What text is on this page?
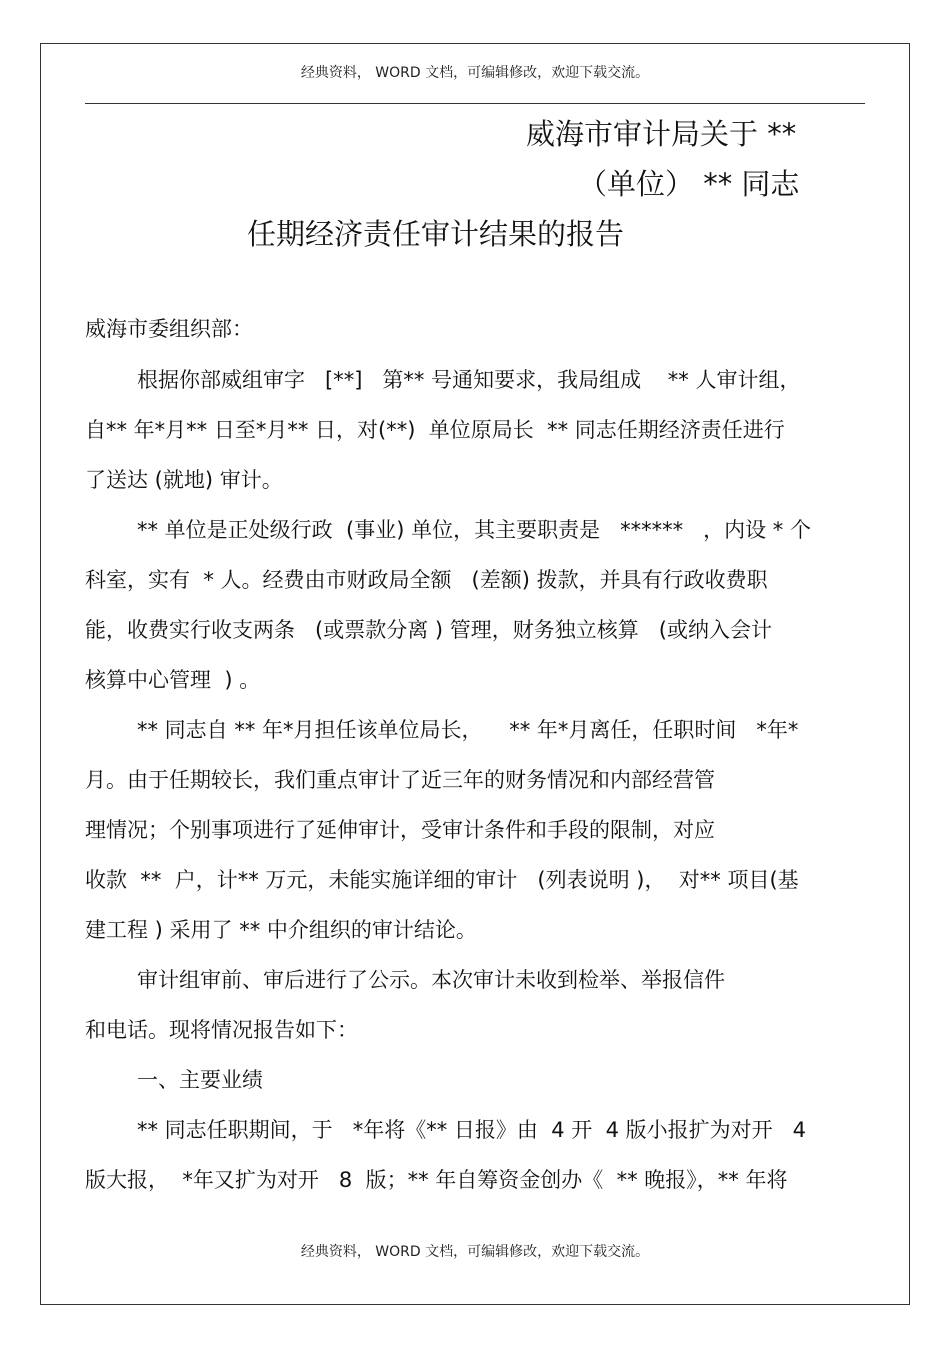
经典资料， WORD 文档，可编辑修改，欢迎下载交流。
威海市审计局关于 **
（单位） ** 同志
任期经济责任审计结果的报告
威海市委组织部：
根据你部威组审字   [**]   第** 号通知要求，我局组成    ** 人审计组，
自** 年*月** 日至*月** 日，对(**)  单位原局长  ** 同志任期经济责任进行
了送达 (就地) 审计。
** 单位是正处级行政  (事业) 单位，其主要职责是   ******   ，内设 * 个
科室，实有  * 人。经费由市财政局全额   (差额) 拨款，并具有行政收费职
能，收费实行收支两条   (或票款分离 ) 管理，财务独立核算   (或纳入会计
核算中心管理  ) 。
** 同志自 ** 年*月担任该单位局长，    ** 年*月离任，任职时间   *年*
月。由于任期较长，我们重点审计了近三年的财务情况和内部经营管
理情况；个别事项进行了延伸审计，受审计条件和手段的限制，对应
收款  **  户，计** 万元，未能实施详细的审计   (列表说明 )，  对** 项目(基
建工程 ) 采用了 ** 中介组织的审计结论。
审计组审前、审后进行了公示。本次审计未收到检举、举报信件
和电话。现将情况报告如下：
一、主要业绩
** 同志任职期间，于   *年将《** 日报》由  4 开  4 版小报扩为对开   4
版大报，  *年又扩为对开   8  版；** 年自筹资金创办《  ** 晚报》，** 年将
经典资料， WORD 文档，可编辑修改，欢迎下载交流。
